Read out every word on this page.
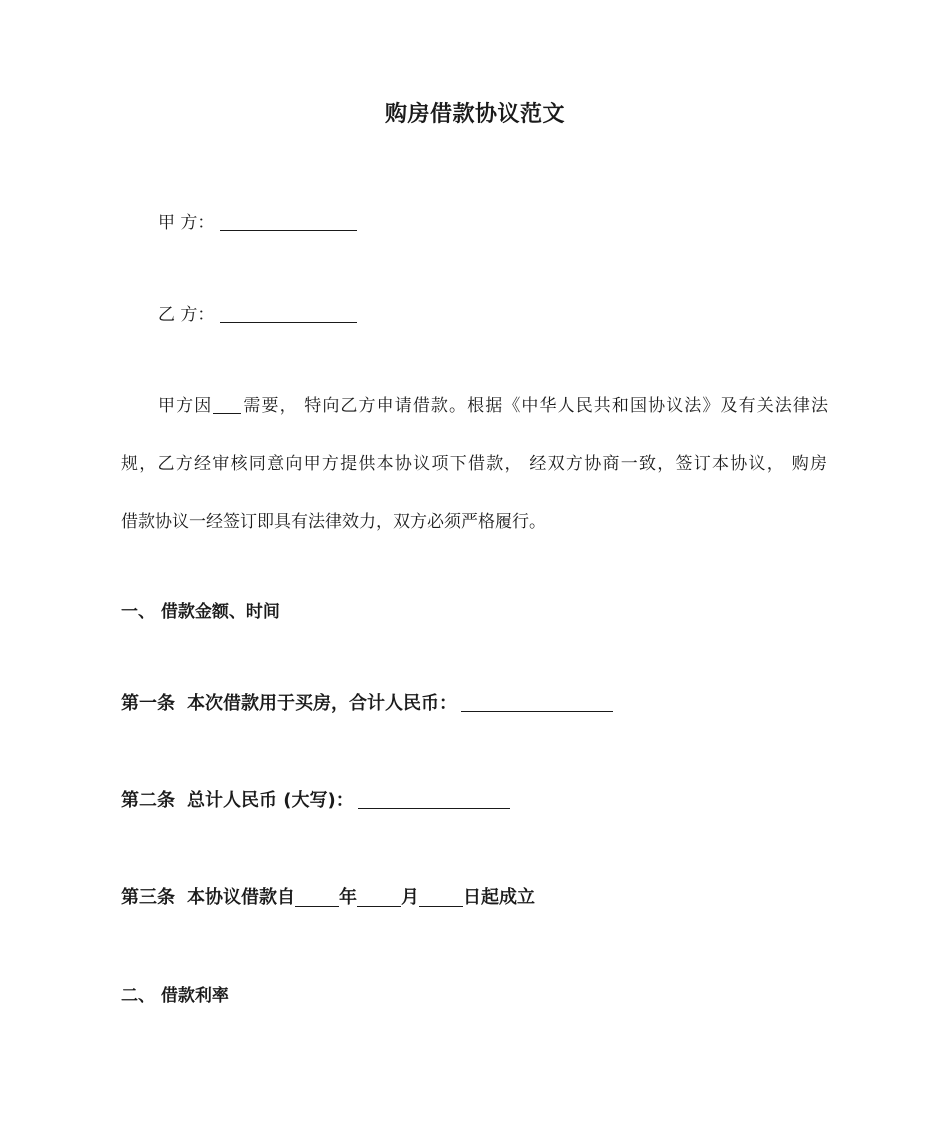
购房借款协议范文
甲 方：
乙 方：
甲方因 需要， 特向乙方申请借款。根据《中华人民共和国协议法》及有关法律法
规，乙方经审核同意向甲方提供本协议项下借款， 经双方协商一致，签订本协议， 购房
借款协议一经签订即具有法律效力，双方必须严格履行。
一、 借款金额、时间
第一条 本次借款用于买房，合计人民币：
第二条 总计人民币 (大写)：
第三条 本协议借款自 年 月 日起成立
二、 借款利率
